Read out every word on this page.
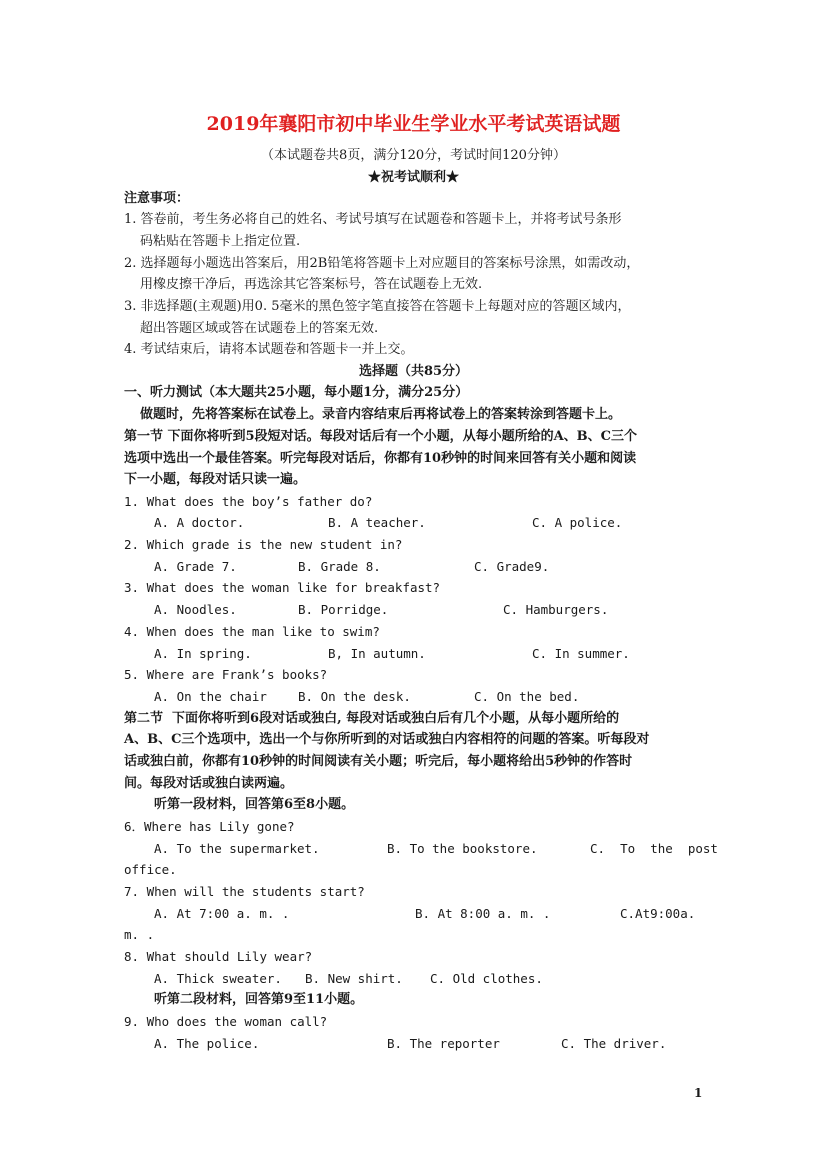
2019年襄阳市初中毕业生学业水平考试英语试题
（本试题卷共8页，满分120分，考试时间120分钟）
★祝考试顺利★
注意事项：
1. 答卷前，考生务必将自己的姓名、考试号填写在试题卷和答题卡上，并将考试号条形
码粘贴在答题卡上指定位置.
2. 选择题每小题选出答案后，用2B铅笔将答题卡上对应题目的答案标号涂黑，如需改动，
用橡皮擦干净后，再选涂其它答案标号，答在试题卷上无效.
3. 非选择题(主观题)用0. 5毫米的黑色签字笔直接答在答题卡上每题对应的答题区域内，
超出答题区域或答在试题卷上的答案无效.
4. 考试结束后，请将本试题卷和答题卡一并上交。
选择题（共85分）
一、听力测试（本大题共25小题，每小题1分，满分25分）
做题时，先将答案标在试卷上。录音内容结束后再将试卷上的答案转涂到答题卡上。
第一节 下面你将听到5段短对话。每段对话后有一个小题，从每小题所给的A、B、C三个
选项中选出一个最佳答案。听完每段对话后，你都有10秒钟的时间来回答有关小题和阅读
下一小题，每段对话只读一遍。
1. What does the boy’s father do?
A. A doctor.	B. A teacher.	C. A police.
2. Which grade is the new student in?
A. Grade 7.	B. Grade 8.	C. Grade9.
3. What does the woman like for breakfast?
A. Noodles.	B. Porridge.	C. Hamburgers.
4. When does the man like to swim?
A. In spring.	B, In autumn.	C. In summer.
5. Where are Frank’s books?
A. On the chair B. On the desk.	C. On the bed.
第二节  下面你将听到6段对话或独白, 每段对话或独白后有几个小题，从每小题所给的
A、B、C三个选项中，选出一个与你所听到的对话或独白内容相符的问题的答案。听每段对
话或独白前，你都有10秒钟的时间阅读有关小题；听完后，每小题将给出5秒钟的作答时
间。每段对话或独白读两遍。
听第一段材料，回答第6至8小题。
6．Where has Lily gone?
A. To the supermarket.	B. To the bookstore.	C.  To  the  post
office.
7. When will the students start?
A. At 7:00 a. m. .	B. At 8:00 a. m. .	C.At9:00a.
m. .
8. What should Lily wear?
A. Thick sweater. B. New shirt. C. Old clothes.
听第二段材料，回答第9至11小题。
9. Who does the woman call?
A. The police.	B. The reporter	C. The driver.
1
